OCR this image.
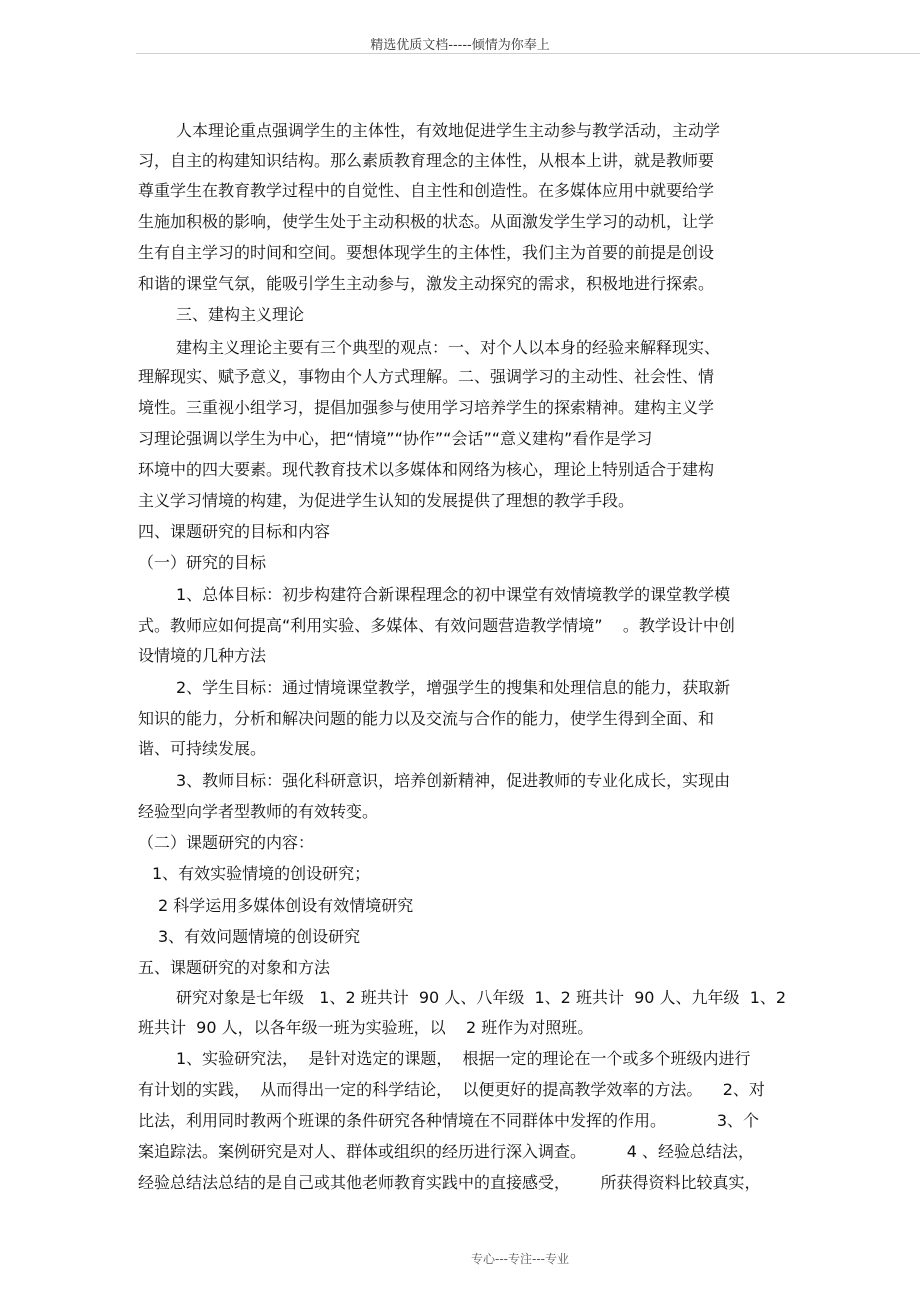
精选优质文档-----倾情为你奉上
人本理论重点强调学生的主体性，有效地促进学生主动参与教学活动，主动学
习，自主的构建知识结构。那么素质教育理念的主体性，从根本上讲，就是教师要
尊重学生在教育教学过程中的自觉性、自主性和创造性。在多媒体应用中就要给学
生施加积极的影响，使学生处于主动积极的状态。从面激发学生学习的动机，让学
生有自主学习的时间和空间。要想体现学生的主体性，我们主为首要的前提是创设
和谐的课堂气氛，能吸引学生主动参与，激发主动探究的需求，积极地进行探索。
三、建构主义理论
建构主义理论主要有三个典型的观点：一、对个人以本身的经验来解释现实、
理解现实、赋予意义，事物由个人方式理解。二、强调学习的主动性、社会性、情
境性。三重视小组学习，提倡加强参与使用学习培养学生的探索精神。建构主义学
习理论强调以学生为中心，把“情境”“协作”“会话”“意义建构”看作是学习
环境中的四大要素。现代教育技术以多媒体和网络为核心，理论上特别适合于建构
主义学习情境的构建，为促进学生认知的发展提供了理想的教学手段。
四、课题研究的目标和内容
（一）研究的目标
1、总体目标：初步构建符合新课程理念的初中课堂有效情境教学的课堂教学模
式。教师应如何提高“利用实验、多媒体、有效问题营造教学情境”    。教学设计中创
设情境的几种方法
2、学生目标：通过情境课堂教学，增强学生的搜集和处理信息的能力，获取新
知识的能力，分析和解决问题的能力以及交流与合作的能力，使学生得到全面、和
谐、可持续发展。
3、教师目标：强化科研意识，培养创新精神，促进教师的专业化成长，实现由
经验型向学者型教师的有效转变。
（二）课题研究的内容：
1、有效实验情境的创设研究；
2 科学运用多媒体创设有效情境研究
3、有效问题情境的创设研究
五、课题研究的对象和方法
研究对象是七年级   1、2 班共计  90 人、八年级  1、2 班共计  90 人、九年级  1、2
班共计  90 人，以各年级一班为实验班，以    2 班作为对照班。
1、实验研究法，  是针对选定的课题，  根据一定的理论在一个或多个班级内进行
有计划的实践，  从而得出一定的科学结论，  以便更好的提高教学效率的方法。    2、对
比法，利用同时教两个班课的条件研究各种情境在不同群体中发挥的作用。          3、个
案追踪法。案例研究是对人、群体或组织的经历进行深入调查。        4 、经验总结法，
经验总结法总结的是自己或其他老师教育实践中的直接感受，      所获得资料比较真实，
专心---专注---专业
